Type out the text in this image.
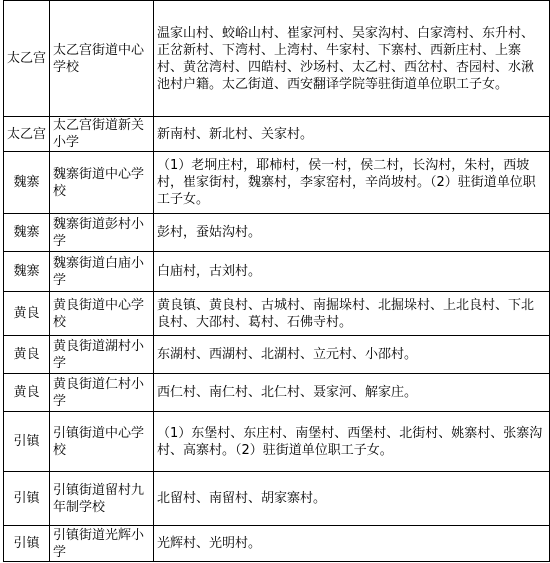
太乙宫	太乙宫街道中心学校	温家山村、蛟峪山村、崔家河村、吴家沟村、白家湾村、东升村、正岔新村、下湾村、上湾村、牛家村、下寨村、西新庄村、上寨村、黄岔湾村、四皓村、沙场村、太乙村、西岔村、杏园村、水湫池村户籍。太乙街道、西安翻译学院等驻街道单位职工子女。
太乙宫	太乙宫街道新关小学	新南村、新北村、关家村。
魏寨	魏寨街道中心学校	（1）老坰庄村，耶柿村，侯一村，侯二村，长沟村，朱村，西坡村，崔家街村，魏寨村，李家窑村，辛尚坡村。（2）驻街道单位职工子女。
魏寨	魏寨街道彭村小学	彭村，蚕姑沟村。
魏寨	魏寨街道白庙小学	白庙村，古刘村。
黄良	黄良街道中心学校	黄良镇、黄良村、古城村、南掘垛村、北掘垛村、上北良村、下北良村、大邵村、葛村、石佛寺村。
黄良	黄良街道湖村小学	东湖村、西湖村、北湖村、立元村、小邵村。
黄良	黄良街道仁村小学	西仁村、南仁村、北仁村、聂家河、解家庄。
引镇	引镇街道中心学校	（1）东堡村、东庄村、南堡村、西堡村、北街村、姚寨村、张寨沟村、高寨村。（2）驻街道单位职工子女。
引镇	引镇街道留村九年制学校	北留村、南留村、胡家寨村。
引镇	引镇街道光辉小学	光辉村、光明村。
